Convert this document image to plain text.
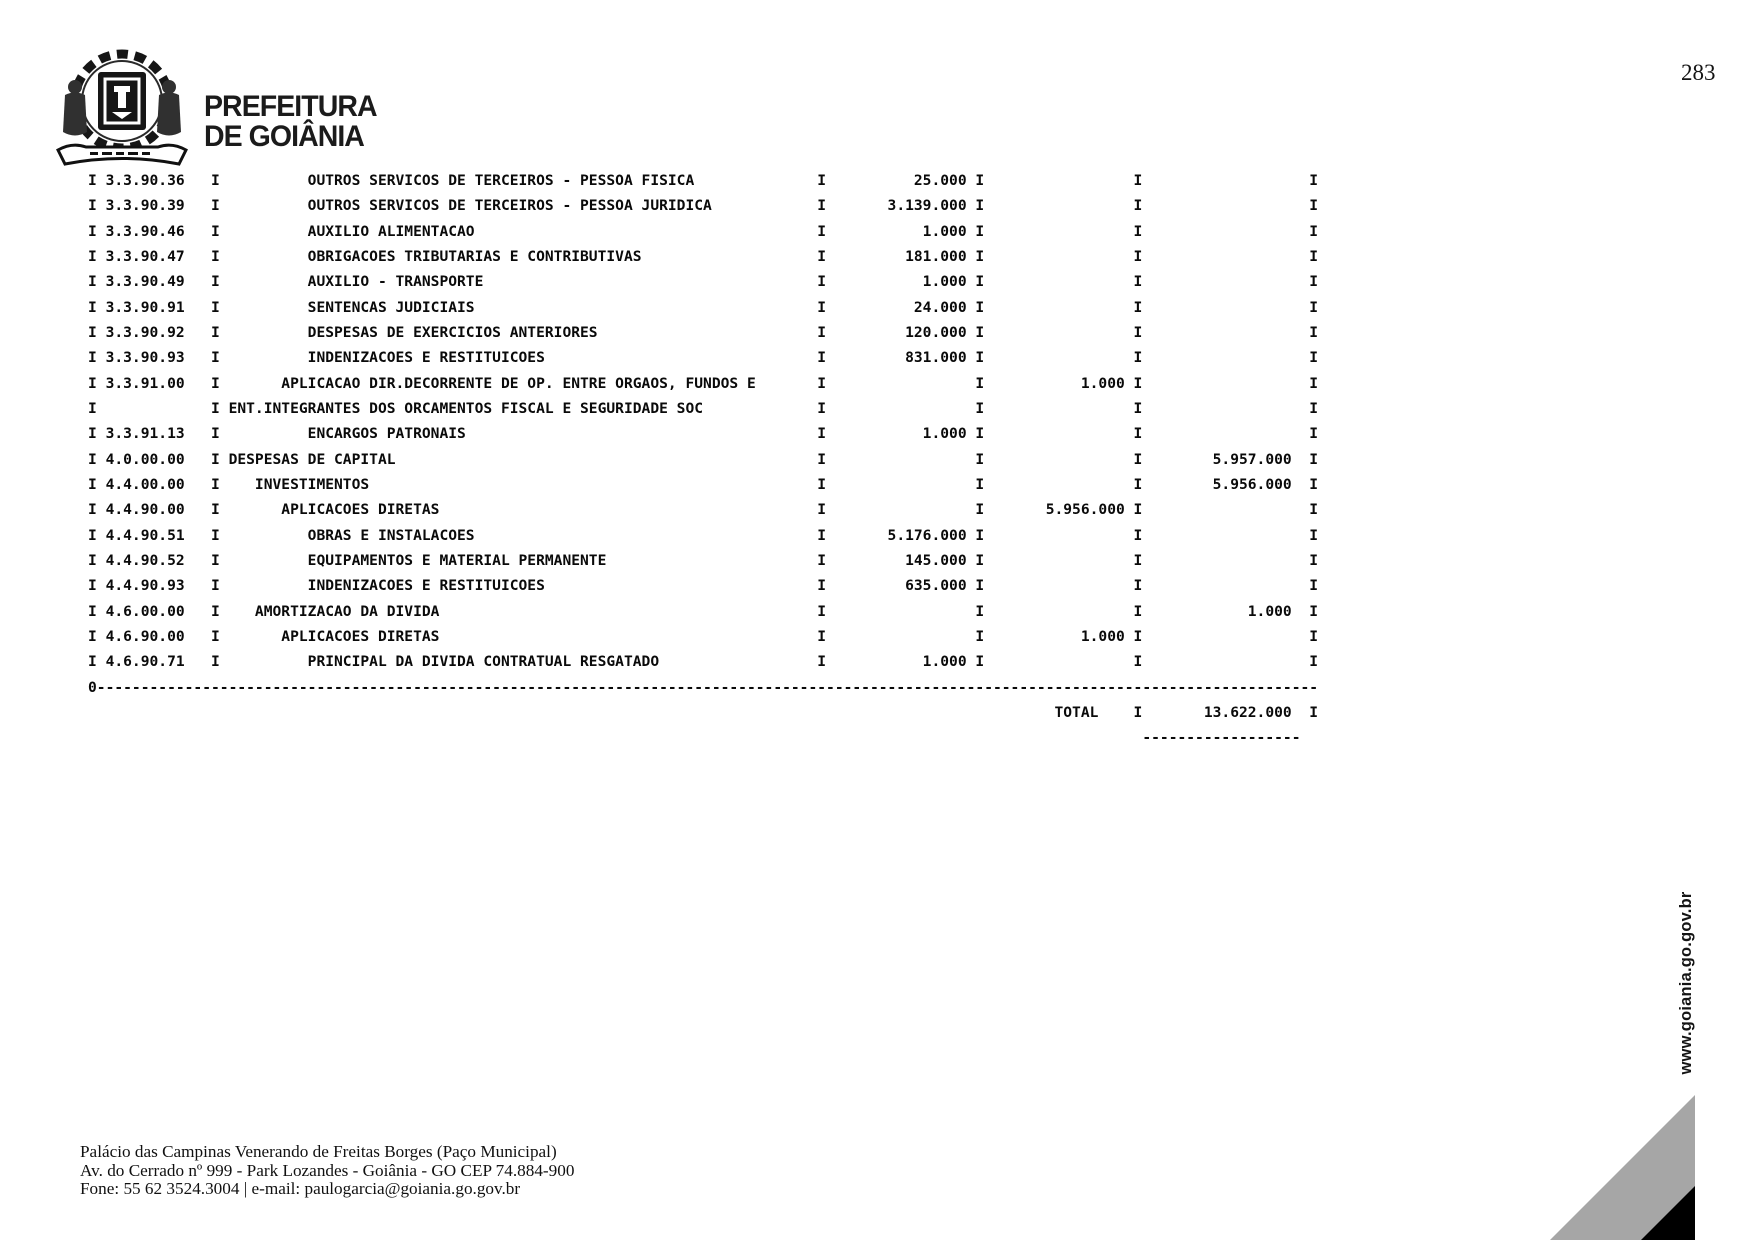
283
PREFEITURA
DE GOIÂNIA
I 3.3.90.36   I          OUTROS SERVICOS DE TERCEIROS - PESSOA FISICA              I          25.000 I                 I                   I
I 3.3.90.39   I          OUTROS SERVICOS DE TERCEIROS - PESSOA JURIDICA            I       3.139.000 I                 I                   I
I 3.3.90.46   I          AUXILIO ALIMENTACAO                                       I           1.000 I                 I                   I
I 3.3.90.47   I          OBRIGACOES TRIBUTARIAS E CONTRIBUTIVAS                    I         181.000 I                 I                   I
I 3.3.90.49   I          AUXILIO - TRANSPORTE                                      I           1.000 I                 I                   I
I 3.3.90.91   I          SENTENCAS JUDICIAIS                                       I          24.000 I                 I                   I
I 3.3.90.92   I          DESPESAS DE EXERCICIOS ANTERIORES                         I         120.000 I                 I                   I
I 3.3.90.93   I          INDENIZACOES E RESTITUICOES                               I         831.000 I                 I                   I
I 3.3.91.00   I       APLICACAO DIR.DECORRENTE DE OP. ENTRE ORGAOS, FUNDOS E       I                 I           1.000 I                   I
I             I ENT.INTEGRANTES DOS ORCAMENTOS FISCAL E SEGURIDADE SOC             I                 I                 I                   I
I 3.3.91.13   I          ENCARGOS PATRONAIS                                        I           1.000 I                 I                   I
I 4.0.00.00   I DESPESAS DE CAPITAL                                                I                 I                 I        5.957.000  I
I 4.4.00.00   I    INVESTIMENTOS                                                   I                 I                 I        5.956.000  I
I 4.4.90.00   I       APLICACOES DIRETAS                                           I                 I       5.956.000 I                   I
I 4.4.90.51   I          OBRAS E INSTALACOES                                       I       5.176.000 I                 I                   I
I 4.4.90.52   I          EQUIPAMENTOS E MATERIAL PERMANENTE                        I         145.000 I                 I                   I
I 4.4.90.93   I          INDENIZACOES E RESTITUICOES                               I         635.000 I                 I                   I
I 4.6.00.00   I    AMORTIZACAO DA DIVIDA                                           I                 I                 I            1.000  I
I 4.6.90.00   I       APLICACOES DIRETAS                                           I                 I           1.000 I                   I
I 4.6.90.71   I          PRINCIPAL DA DIVIDA CONTRATUAL RESGATADO                  I           1.000 I                 I                   I
0-------------------------------------------------------------------------------------------------------------------------------------------
TOTAL    I       13.622.000  I
------------------
Palácio das Campinas Venerando de Freitas Borges (Paço Municipal)
Av. do Cerrado nº 999 - Park Lozandes - Goiânia - GO CEP 74.884-900
Fone: 55 62 3524.3004 | e-mail: paulogarcia@goiania.go.gov.br
www.goiania.go.gov.br
